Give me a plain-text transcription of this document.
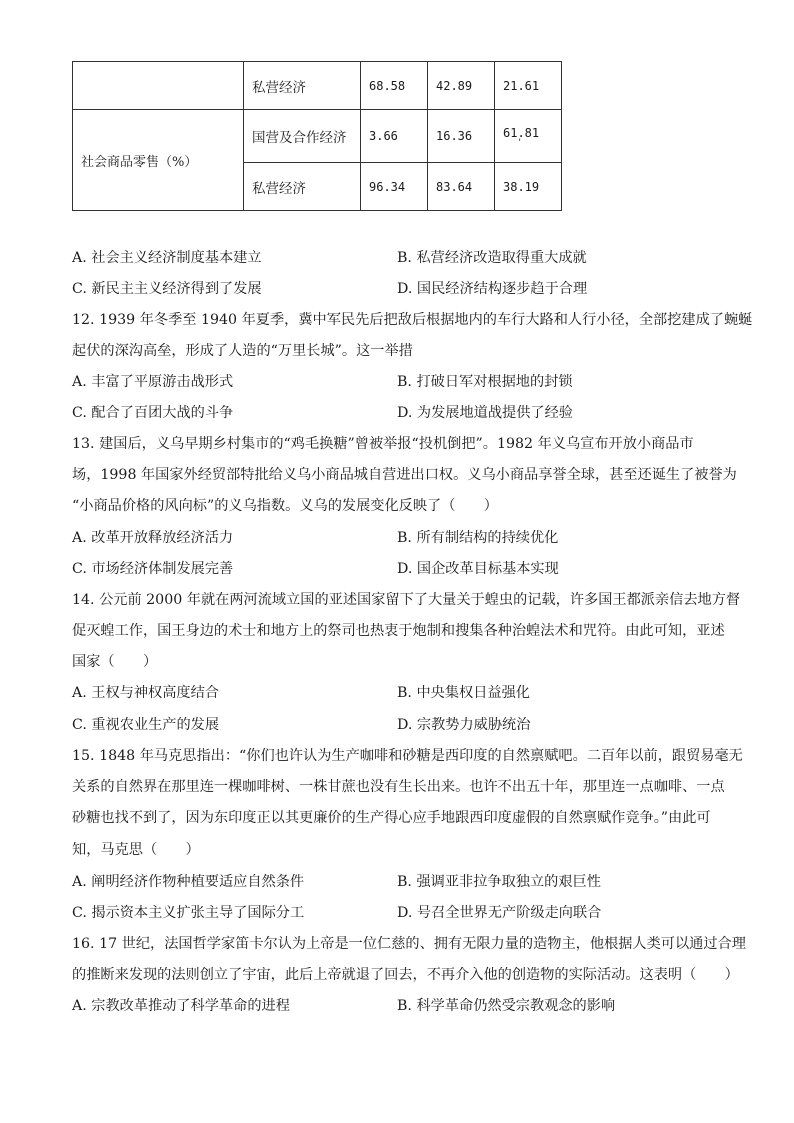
	私营经济	68.58	42.89	21.61
社会商品零售（%）	国营及合作经济	3.66	16.36	61.81
'

	私营经济	96.34	83.64	38.19
A. 社会主义经济制度基本建立	B. 私营经济改造取得重大成就
C. 新民主主义经济得到了发展	D. 国民经济结构逐步趋于合理
12. 1939 年冬季至 1940 年夏季，冀中军民先后把敌后根据地内的车行大路和人行小径，全部挖建成了蜿蜒
起伏的深沟高垒，形成了人造的“万里长城”。这一举措
A. 丰富了平原游击战形式	B. 打破日军对根据地的封锁
C. 配合了百团大战的斗争	D. 为发展地道战提供了经验
13. 建国后，义乌早期乡村集市的“鸡毛换糖”曾被举报“投机倒把”。1982 年义乌宣布开放小商品市
场，1998 年国家外经贸部特批给义乌小商品城自营进出口权。义乌小商品享誉全球，甚至还诞生了被誉为
“小商品价格的风向标”的义乌指数。义乌的发展变化反映了（　　）
A. 改革开放释放经济活力	B. 所有制结构的持续优化
C. 市场经济体制发展完善	D. 国企改革目标基本实现
14. 公元前 2000 年就在两河流域立国的亚述国家留下了大量关于蝗虫的记载，许多国王都派亲信去地方督
促灭蝗工作，国王身边的术士和地方上的祭司也热衷于炮制和搜集各种治蝗法术和咒符。由此可知，亚述
国家（　　）
A. 王权与神权高度结合	B. 中央集权日益强化
C. 重视农业生产的发展	D. 宗教势力威胁统治
15. 1848 年马克思指出：“你们也许认为生产咖啡和砂糖是西印度的自然禀赋吧。二百年以前，跟贸易毫无
关系的自然界在那里连一棵咖啡树、一株甘蔗也没有生长出来。也许不出五十年，那里连一点咖啡、一点
砂糖也找不到了，因为东印度正以其更廉价的生产得心应手地跟西印度虚假的自然禀赋作竞争。”由此可
知，马克思（　　）
A. 阐明经济作物种植要适应自然条件	B. 强调亚非拉争取独立的艰巨性
C. 揭示资本主义扩张主导了国际分工	D. 号召全世界无产阶级走向联合
16. 17 世纪，法国哲学家笛卡尔认为上帝是一位仁慈的、拥有无限力量的造物主，他根据人类可以通过合理
的推断来发现的法则创立了宇宙，此后上帝就退了回去，不再介入他的创造物的实际活动。这表明（　　）
A. 宗教改革推动了科学革命的进程	B. 科学革命仍然受宗教观念的影响
